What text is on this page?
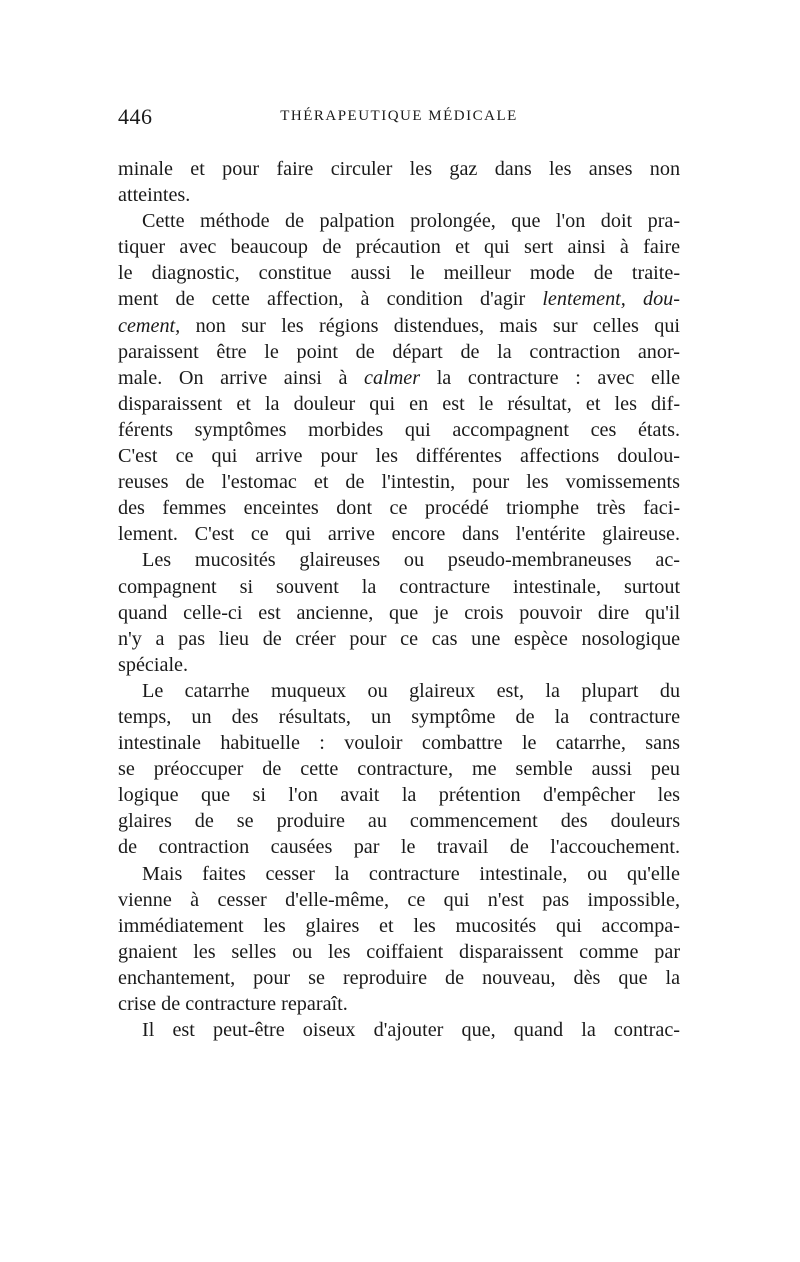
446	THÉRAPEUTIQUE MÉDICALE
minale et pour faire circuler les gaz dans les anses non
atteintes.
Cette méthode de palpation prolongée, que l'on doit pra-
tiquer avec beaucoup de précaution et qui sert ainsi à faire
le diagnostic, constitue aussi le meilleur mode de traite-
ment de cette affection, à condition d'agir lentement, dou-
cement, non sur les régions distendues, mais sur celles qui
paraissent être le point de départ de la contraction anor-
male. On arrive ainsi à calmer la contracture : avec elle
disparaissent et la douleur qui en est le résultat, et les dif-
férents symptômes morbides qui accompagnent ces états.
C'est ce qui arrive pour les différentes affections doulou-
reuses de l'estomac et de l'intestin, pour les vomissements
des femmes enceintes dont ce procédé triomphe très faci-
lement. C'est ce qui arrive encore dans l'entérite glaireuse.
Les mucosités glaireuses ou pseudo-membraneuses ac-
compagnent si souvent la contracture intestinale, surtout
quand celle-ci est ancienne, que je crois pouvoir dire qu'il
n'y a pas lieu de créer pour ce cas une espèce nosologique
spéciale.
Le catarrhe muqueux ou glaireux est, la plupart du
temps, un des résultats, un symptôme de la contracture
intestinale habituelle : vouloir combattre le catarrhe, sans
se préoccuper de cette contracture, me semble aussi peu
logique que si l'on avait la prétention d'empêcher les
glaires de se produire au commencement des douleurs
de contraction causées par le travail de l'accouchement.
Mais faites cesser la contracture intestinale, ou qu'elle
vienne à cesser d'elle-même, ce qui n'est pas impossible,
immédiatement les glaires et les mucosités qui accompa-
gnaient les selles ou les coiffaient disparaissent comme par
enchantement, pour se reproduire de nouveau, dès que la
crise de contracture reparaît.
Il est peut-être oiseux d'ajouter que, quand la contrac-
